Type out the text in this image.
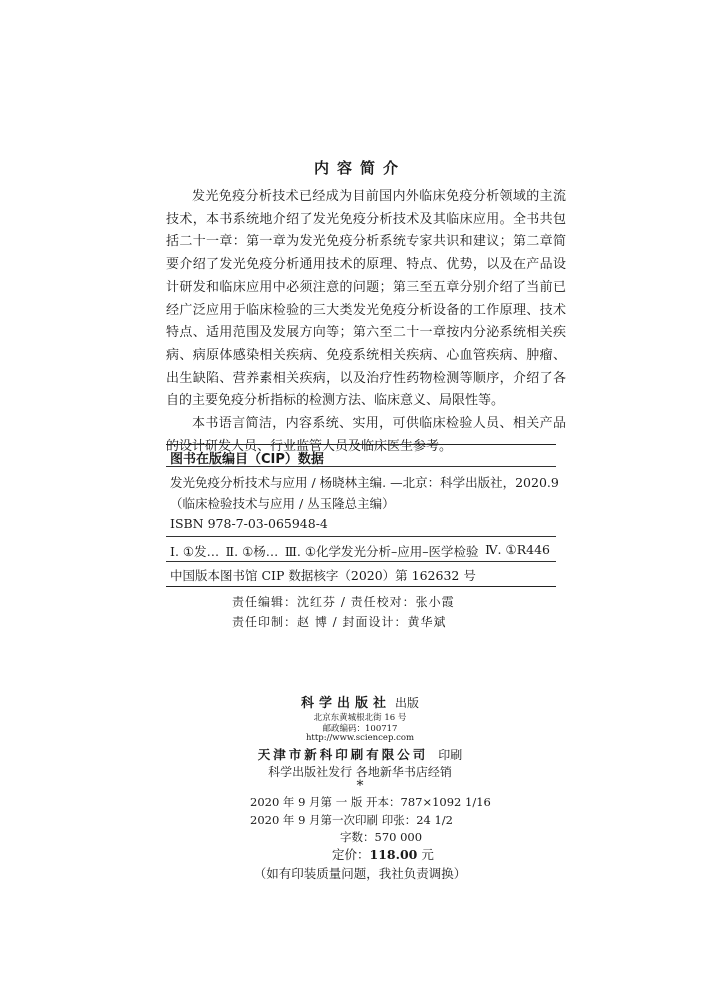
内容简介

发光免疫分析技术已经成为目前国内外临床免疫分析领域的主流技术，本书系统地介绍了发光免疫分析技术及其临床应用。全书共包括二十一章：第一章为发光免疫分析系统专家共识和建议；第二章简要介绍了发光免疫分析通用技术的原理、特点、优势，以及在产品设计研发和临床应用中必须注意的问题；第三至五章分别介绍了当前已经广泛应用于临床检验的三大类发光免疫分析设备的工作原理、技术特点、适用范围及发展方向等；第六至二十一章按内分泌系统相关疾病、病原体感染相关疾病、免疫系统相关疾病、心血管疾病、肿瘤、出生缺陷、营养素相关疾病，以及治疗性药物检测等顺序，介绍了各自的主要免疫分析指标的检测方法、临床意义、局限性等。

本书语言简洁，内容系统、实用，可供临床检验人员、相关产品的设计研发人员、行业监管人员及临床医生参考。

图书在版编目（CIP）数据
发光免疫分析技术与应用 / 杨晓林主编. —北京：科学出版社，2020.9
（临床检验技术与应用 / 丛玉隆总主编）
ISBN 978-7-03-065948-4
Ⅰ. ①发… Ⅱ. ①杨… Ⅲ. ①化学发光分析–应用–医学检验 Ⅳ. ①R446
中国版本图书馆 CIP 数据核字（2020）第 162632 号
责任编辑：沈红芬 / 责任校对：张小霞
责任印制：赵 博 / 封面设计：黄华斌
科学出版社 出版
北京东黄城根北街 16 号
邮政编码：100717
http://www.sciencep.com
天津市新科印刷有限公司 印刷
科学出版社发行 各地新华书店经销
*
2020 年 9 月第 一 版 开本：787×1092 1/16
2020 年 9 月第一次印刷 印张：24 1/2
字数：570 000
定价：118.00 元
（如有印装质量问题，我社负责调换）
